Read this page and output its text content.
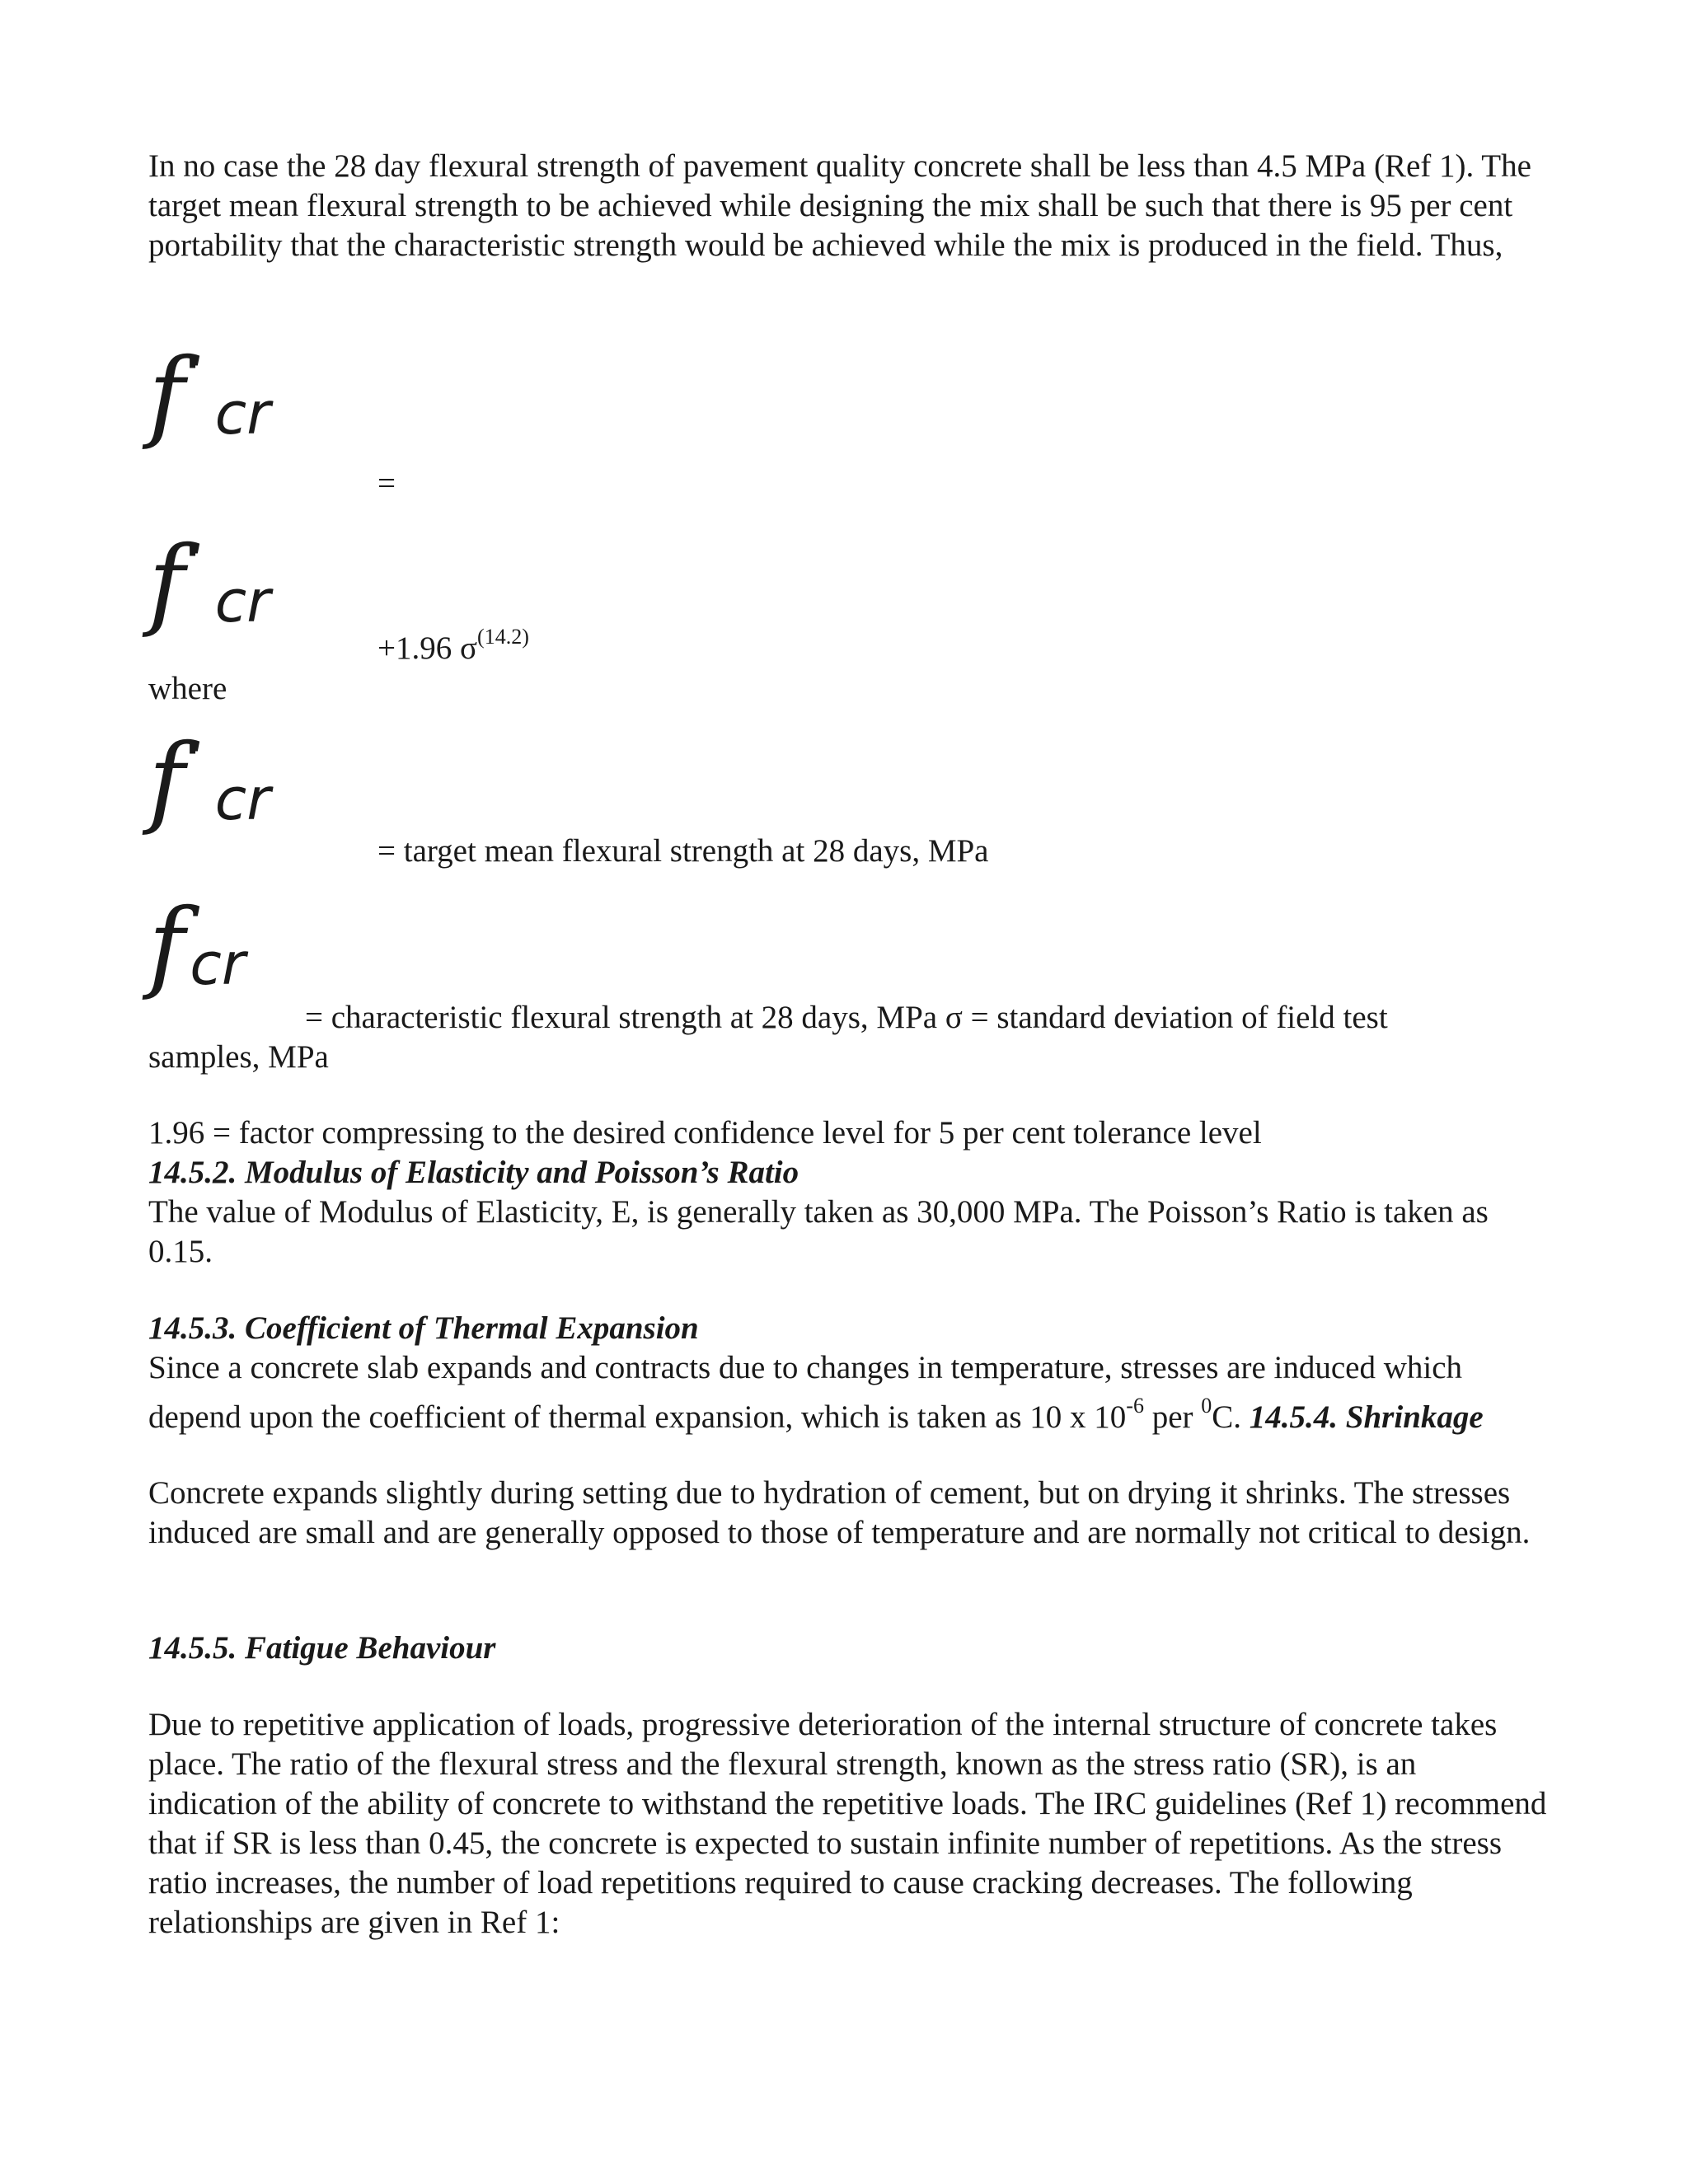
In no case the 28 day flexural strength of pavement quality concrete shall be less than 4.5 MPa (Ref 1). The target mean flexural strength to be achieved while designing the mix shall be such that there is 95 per cent portability that the characteristic strength would be achieved while the mix is produced in the field. Thus,

f'cr
=
f'cr
+1.96 $\sigma^{(14.2)}$

where

f'cr
= target mean flexural strength at 28 days, MPa
fcr
= characteristic flexural strength at 28 days, MPa σ = standard deviation of field test

samples, MPa

1.96 = factor compressing to the desired confidence level for 5 per cent tolerance level

14.5.2. Modulus of Elasticity and Poisson’s Ratio

The value of Modulus of Elasticity, E, is generally taken as 30,000 MPa. The Poisson’s Ratio is taken as 0.15.

14.5.3. Coefficient of Thermal Expansion

Since a concrete slab expands and contracts due to changes in temperature, stresses are induced which

depend upon the coefficient of thermal expansion, which is taken as 10 x $10^{-6}$ per $^0$C. 14.5.4. Shrinkage

Concrete expands slightly during setting due to hydration of cement, but on drying it shrinks. The stresses induced are small and are generally opposed to those of temperature and are normally not critical to design.

14.5.5. Fatigue Behaviour

Due to repetitive application of loads, progressive deterioration of the internal structure of concrete takes place. The ratio of the flexural stress and the flexural strength, known as the stress ratio (SR), is an indication of the ability of concrete to withstand the repetitive loads. The IRC guidelines (Ref 1) recommend that if SR is less than 0.45, the concrete is expected to sustain infinite number of repetitions. As the stress ratio increases, the number of load repetitions required to cause cracking decreases. The following relationships are given in Ref 1:
